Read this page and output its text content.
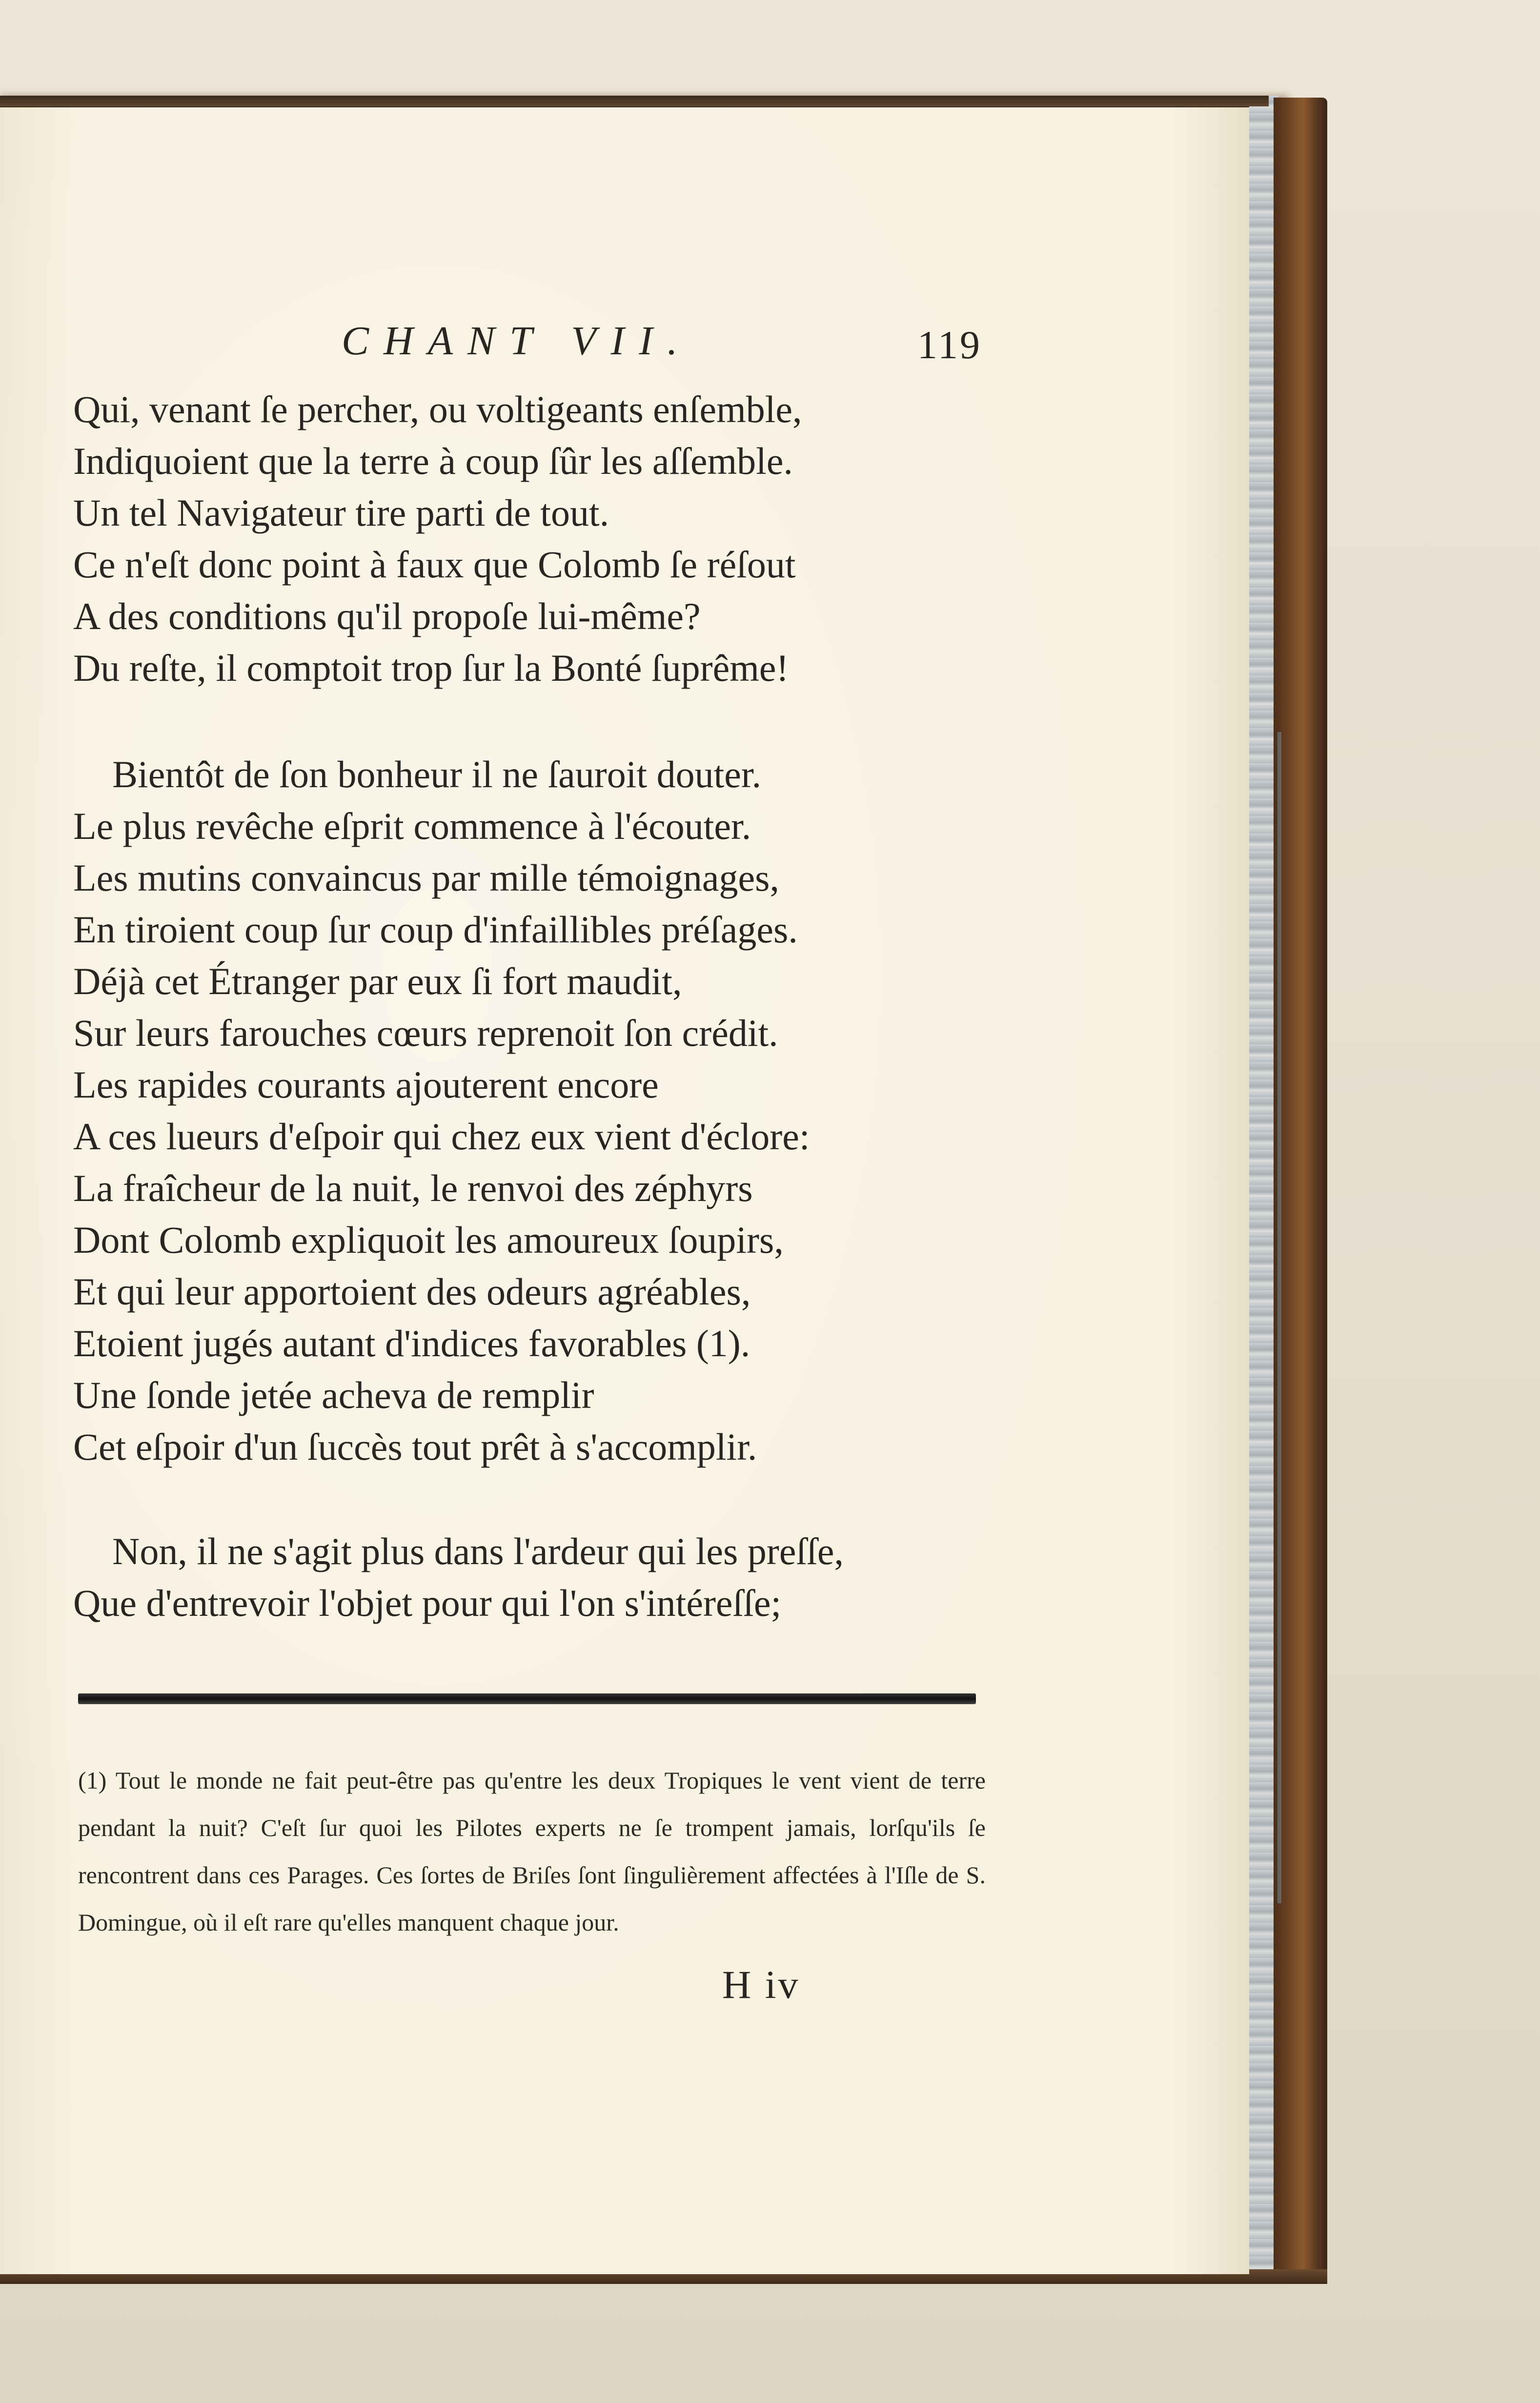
CHANT VII.	119
Qui, venant ſe percher, ou voltigeants enſemble,
Indiquoient que la terre à coup ſûr les aſſemble.
Un tel Navigateur tire parti de tout.
Ce n'eſt donc point à faux que Colomb ſe réſout
A des conditions qu'il propoſe lui-même?
Du reſte, il comptoit trop ſur la Bonté ſuprême!
Bientôt de ſon bonheur il ne ſauroit douter.
Le plus revêche eſprit commence à l'écouter.
Les mutins convaincus par mille témoignages,
En tiroient coup ſur coup d'infaillibles préſages.
Déjà cet Étranger par eux ſi fort maudit,
Sur leurs farouches cœurs reprenoit ſon crédit.
Les rapides courants ajouterent encore
A ces lueurs d'eſpoir qui chez eux vient d'éclore:
La fraîcheur de la nuit, le renvoi des zéphyrs
Dont Colomb expliquoit les amoureux ſoupirs,
Et qui leur apportoient des odeurs agréables,
Etoient jugés autant d'indices favorables (1).
Une ſonde jetée acheva de remplir
Cet eſpoir d'un ſuccès tout prêt à s'accomplir.
Non, il ne s'agit plus dans l'ardeur qui les preſſe,
Que d'entrevoir l'objet pour qui l'on s'intéreſſe;
(1) Tout le monde ne fait peut-être pas qu'entre les deux Tropiques le vent vient de terre pendant la nuit? C'eſt ſur quoi les Pilotes experts ne ſe trompent jamais, lorſqu'ils ſe rencontrent dans ces Parages. Ces ſortes de Briſes ſont ſingulièrement affectées à l'Iſle de S. Domingue, où il eſt rare qu'elles manquent chaque jour.
H iv
